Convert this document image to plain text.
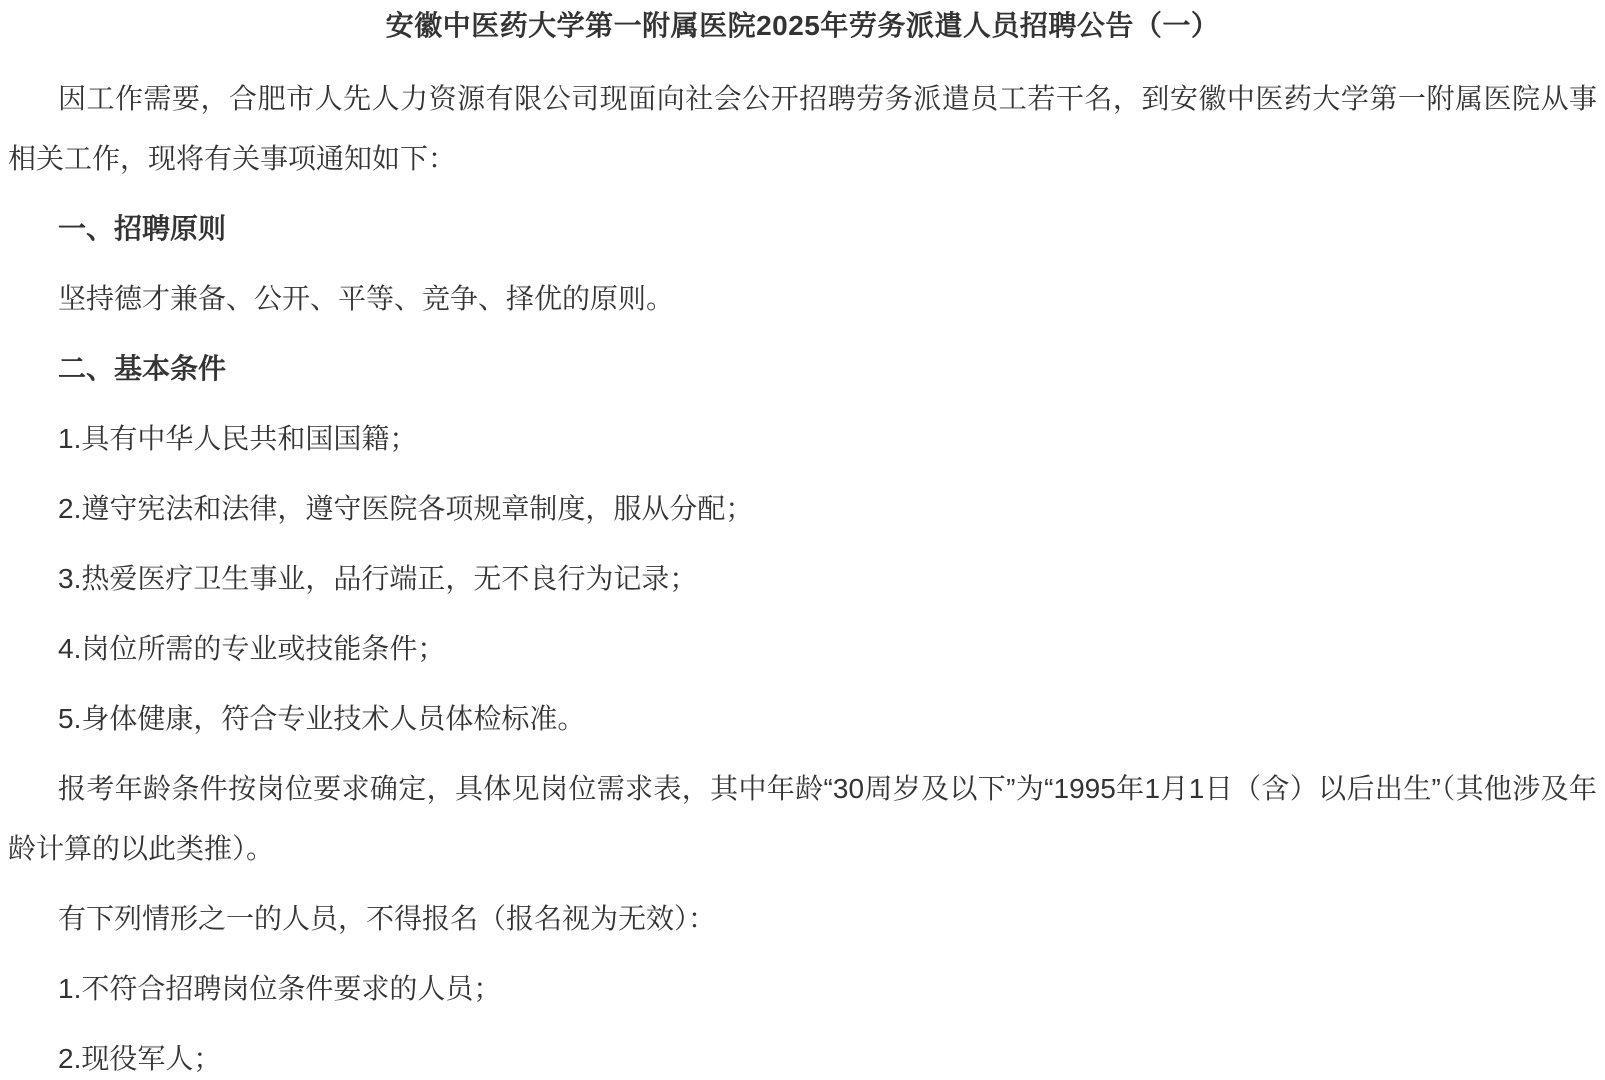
安徽中医药大学第一附属医院2025年劳务派遣人员招聘公告（一）

因工作需要，合肥市人先人力资源有限公司现面向社会公开招聘劳务派遣员工若干名，到安徽中医药大学第一附属医院从事相关工作，现将有关事项通知如下：

一、招聘原则

坚持德才兼备、公开、平等、竞争、择优的原则。

二、基本条件

1.具有中华人民共和国国籍；

2.遵守宪法和法律，遵守医院各项规章制度，服从分配；

3.热爱医疗卫生事业，品行端正，无不良行为记录；

4.岗位所需的专业或技能条件；

5.身体健康，符合专业技术人员体检标准。

报考年龄条件按岗位要求确定，具体见岗位需求表，其中年龄“30周岁及以下”为“1995年1月1日（含）以后出生”（其他涉及年龄计算的以此类推）。

有下列情形之一的人员，不得报名（报名视为无效）：

1.不符合招聘岗位条件要求的人员；

2.现役军人；
